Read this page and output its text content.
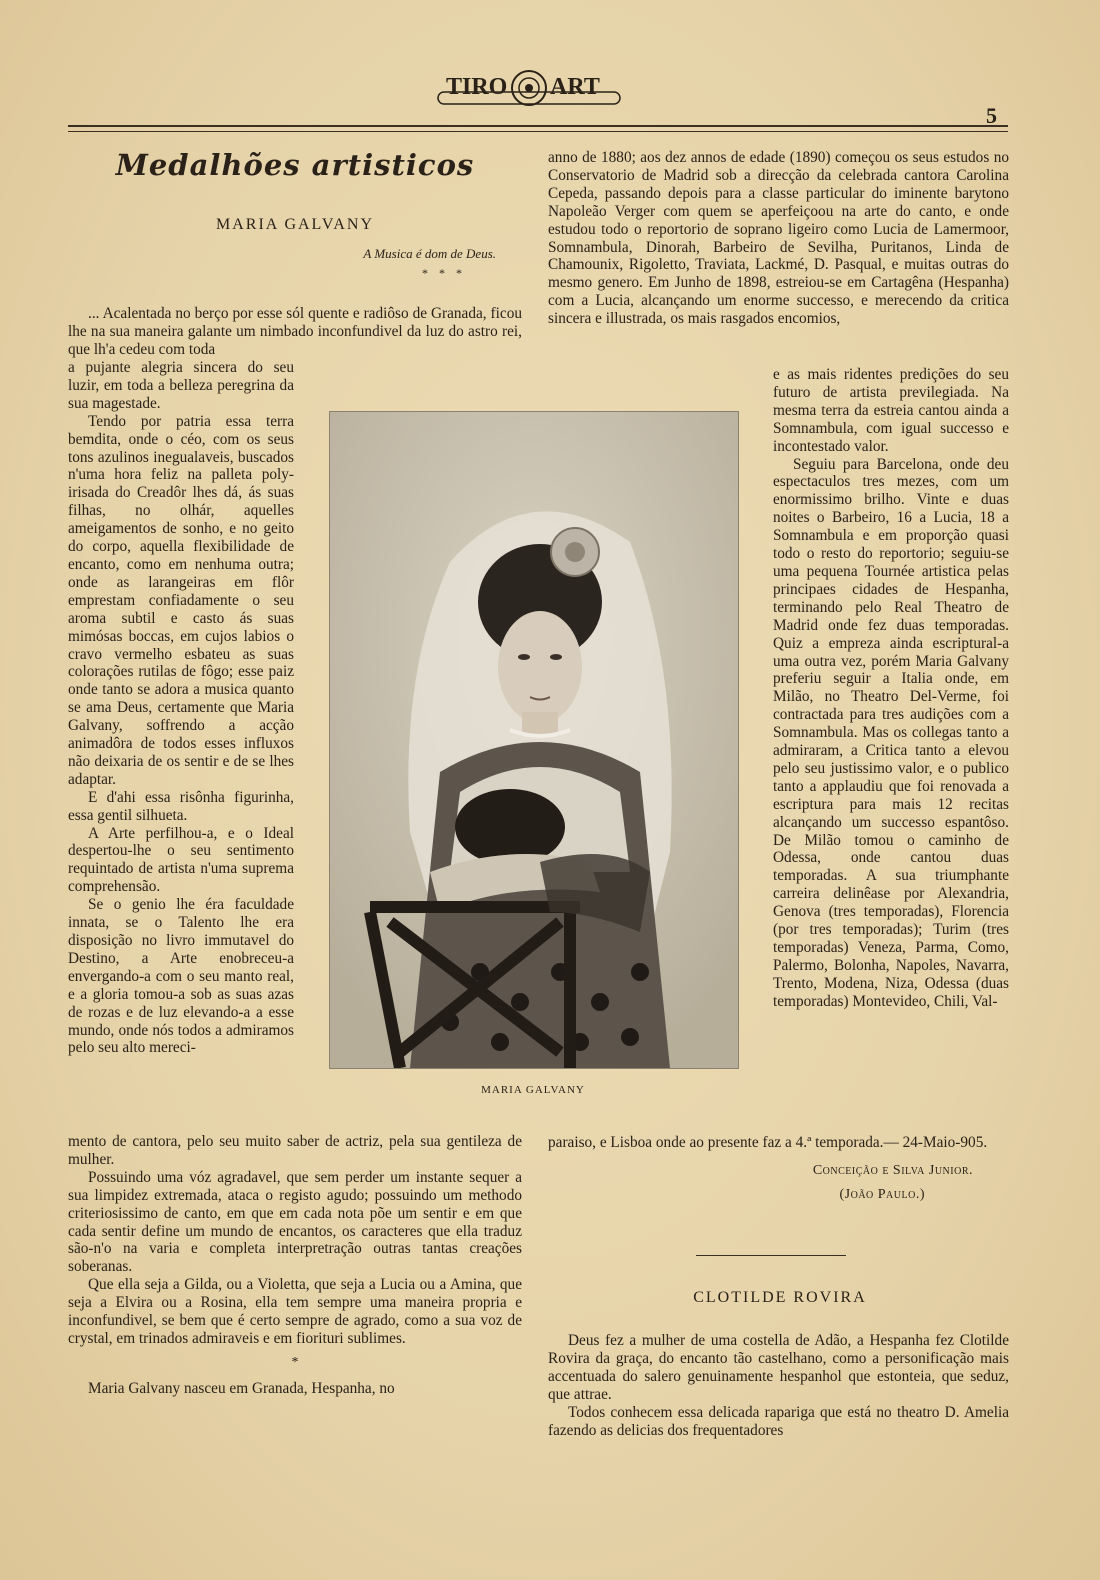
TIRO ART
5
Medalhões artisticos
MARIA GALVANY
A Musica é dom de Deus.
* * *

... Acalentada no berço por esse sól quente e radiôso de Granada, ficou lhe na sua maneira galante um nimbado inconfundivel da luz do astro rei, que lh'a cedeu com toda

a pujante alegria sincera do seu luzir, em toda a belleza peregrina da sua magestade.

Tendo por patria essa terra bemdita, onde o céo, com os seus tons azulinos inegualaveis, buscados n'uma hora feliz na palleta poly-irisada do Creadôr lhes dá, ás suas filhas, no olhár, aquelles ameigamentos de sonho, e no geito do corpo, aquella flexibilidade de encanto, como em nenhuma outra; onde as larangeiras em flôr emprestam confiadamente o seu aroma subtil e casto ás suas mimósas boccas, em cujos labios o cravo vermelho esbateu as suas colorações rutilas de fôgo; esse paiz onde tanto se adora a musica quanto se ama Deus, certamente que Maria Galvany, soffrendo a acção animadôra de todos esses influxos não deixaria de os sentir e de se lhes adaptar.

E d'ahi essa risônha figurinha, essa gentil silhueta.

A Arte perfilhou-a, e o Ideal despertou-lhe o seu sentimento requintado de artista n'uma suprema comprehensão.

Se o genio lhe éra faculdade innata, se o Talento lhe era disposição no livro immutavel do Destino, a Arte enobreceu-a envergando-a com o seu manto real, e a gloria tomou-a sob as suas azas de rozas e de luz elevando-a a esse mundo, onde nós todos a admiramos pelo seu alto mereci-

MARIA GALVANY

mento de cantora, pelo seu muito saber de actriz, pela sua gentileza de mulher.

Possuindo uma vóz agradavel, que sem perder um instante sequer a sua limpidez extremada, ataca o registo agudo; possuindo um methodo criteriosissimo de canto, em que em cada nota põe um sentir e em que cada sentir define um mundo de encantos, os caracteres que ella traduz são-n'o na varia e completa interpretração outras tantas creações soberanas.

Que ella seja a Gilda, ou a Violetta, que seja a Lucia ou a Amina, que seja a Elvira ou a Rosina, ella tem sempre uma maneira propria e inconfundivel, se bem que é certo sempre de agrado, como a sua voz de crystal, em trinados admiraveis e em fiorituri sublimes.

*

Maria Galvany nasceu em Granada, Hespanha, no

anno de 1880; aos dez annos de edade (1890) começou os seus estudos no Conservatorio de Madrid sob a direcção da celebrada cantora Carolina Cepeda, passando depois para a classe particular do iminente barytono Napoleão Verger com quem se aperfeiçoou na arte do canto, e onde estudou todo o reportorio de soprano ligeiro como Lucia de Lamermoor, Somnambula, Dinorah, Barbeiro de Sevilha, Puritanos, Linda de Chamounix, Rigoletto, Traviata, Lackmé, D. Pasqual, e muitas outras do mesmo genero. Em Junho de 1898, estreiou-se em Cartagêna (Hespanha) com a Lucia, alcançando um enorme successo, e merecendo da critica sincera e illustrada, os mais rasgados encomios,

e as mais ridentes predições do seu futuro de artista previlegiada. Na mesma terra da estreia cantou ainda a Somnambula, com igual successo e incontestado valor.

Seguiu para Barcelona, onde deu espectaculos tres mezes, com um enormissimo brilho. Vinte e duas noites o Barbeiro, 16 a Lucia, 18 a Somnambula e em proporção quasi todo o resto do reportorio; seguiu-se uma pequena Tournée artistica pelas principaes cidades de Hespanha, terminando pelo Real Theatro de Madrid onde fez duas temporadas. Quiz a empreza ainda escriptural-a uma outra vez, porém Maria Galvany preferiu seguir a Italia onde, em Milão, no Theatro Del-Verme, foi contractada para tres audições com a Somnambula. Mas os collegas tanto a admiraram, a Critica tanto a elevou pelo seu justissimo valor, e o publico tanto a applaudiu que foi renovada a escriptura para mais 12 recitas alcançando um successo espantôso. De Milão tomou o caminho de Odessa, onde cantou duas temporadas. A sua triumphante carreira delinêase por Alexandria, Genova (tres temporadas), Florencia (por tres temporadas); Turim (tres temporadas) Veneza, Parma, Como, Palermo, Bolonha, Napoles, Navarra, Trento, Modena, Niza, Odessa (duas temporadas) Montevideo, Chili, Val-

paraiso, e Lisboa onde ao presente faz a 4.ª temporada.— 24-Maio-905.

Conceição e Silva Junior.
(João Paulo.)
CLOTILDE ROVIRA

Deus fez a mulher de uma costella de Adão, a Hespanha fez Clotilde Rovira da graça, do encanto tão castelhano, como a personificação mais accentuada do salero genuinamente hespanhol que estonteia, que seduz, que attrae.

Todos conhecem essa delicada rapariga que está no theatro D. Amelia fazendo as delicias dos frequentadores
